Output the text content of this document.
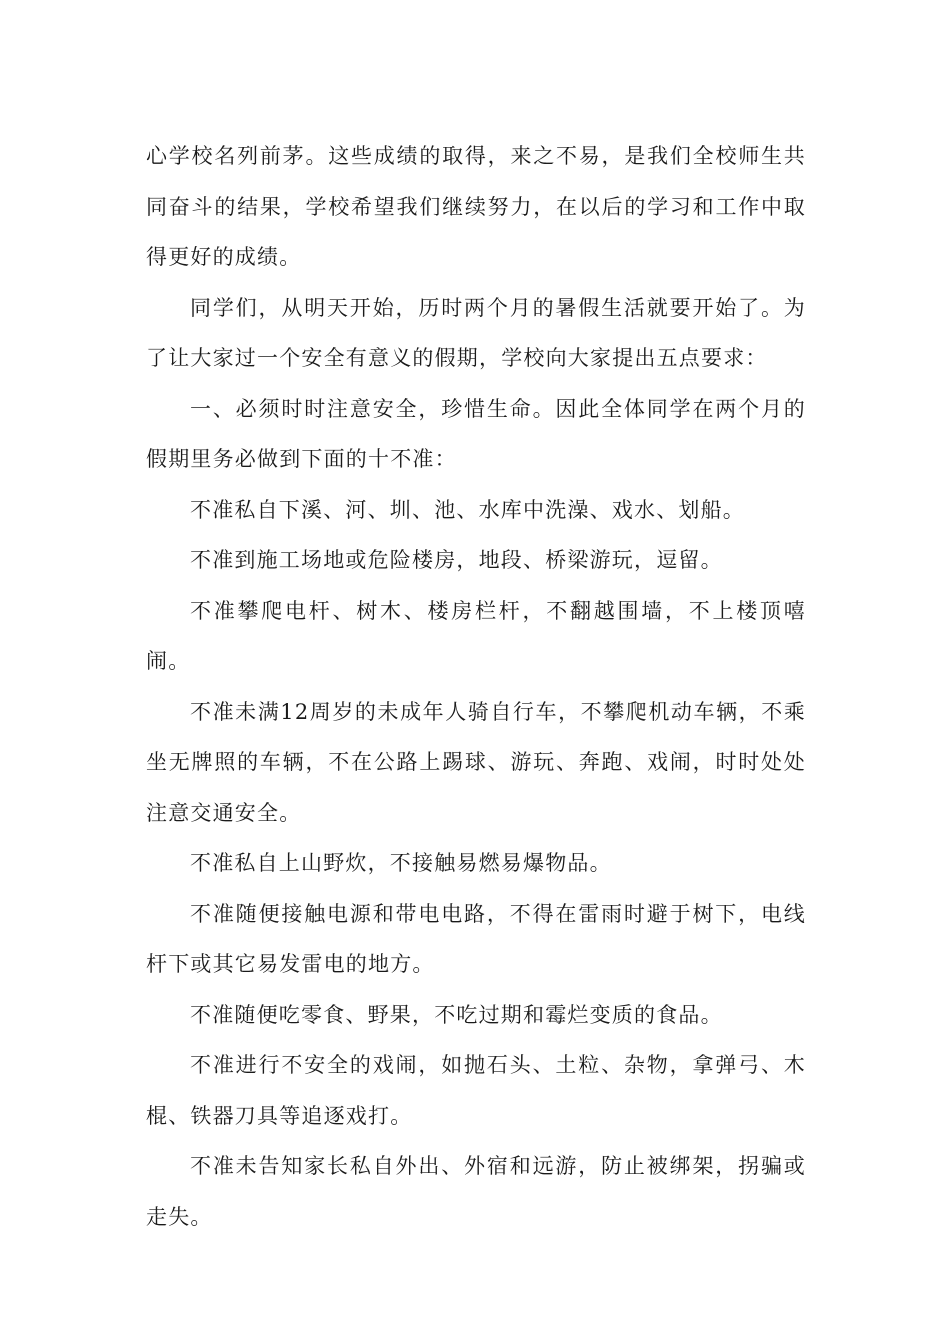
心学校名列前茅。这些成绩的取得，来之不易，是我们全校师生共同奋斗的结果，学校希望我们继续努力，在以后的学习和工作中取得更好的成绩。

同学们，从明天开始，历时两个月的暑假生活就要开始了。为了让大家过一个安全有意义的假期，学校向大家提出五点要求：

一、必须时时注意安全，珍惜生命。因此全体同学在两个月的假期里务必做到下面的十不准：

不准私自下溪、河、圳、池、水库中洗澡、戏水、划船。

不准到施工场地或危险楼房，地段、桥梁游玩，逗留。

不准攀爬电杆、树木、楼房栏杆，不翻越围墙，不上楼顶嘻闹。

不准未满12周岁的未成年人骑自行车，不攀爬机动车辆，不乘坐无牌照的车辆，不在公路上踢球、游玩、奔跑、戏闹，时时处处注意交通安全。

不准私自上山野炊，不接触易燃易爆物品。

不准随便接触电源和带电电路，不得在雷雨时避于树下，电线杆下或其它易发雷电的地方。

不准随便吃零食、野果，不吃过期和霉烂变质的食品。

不准进行不安全的戏闹，如抛石头、土粒、杂物，拿弹弓、木棍、铁器刀具等追逐戏打。

不准未告知家长私自外出、外宿和远游，防止被绑架，拐骗或走失。
